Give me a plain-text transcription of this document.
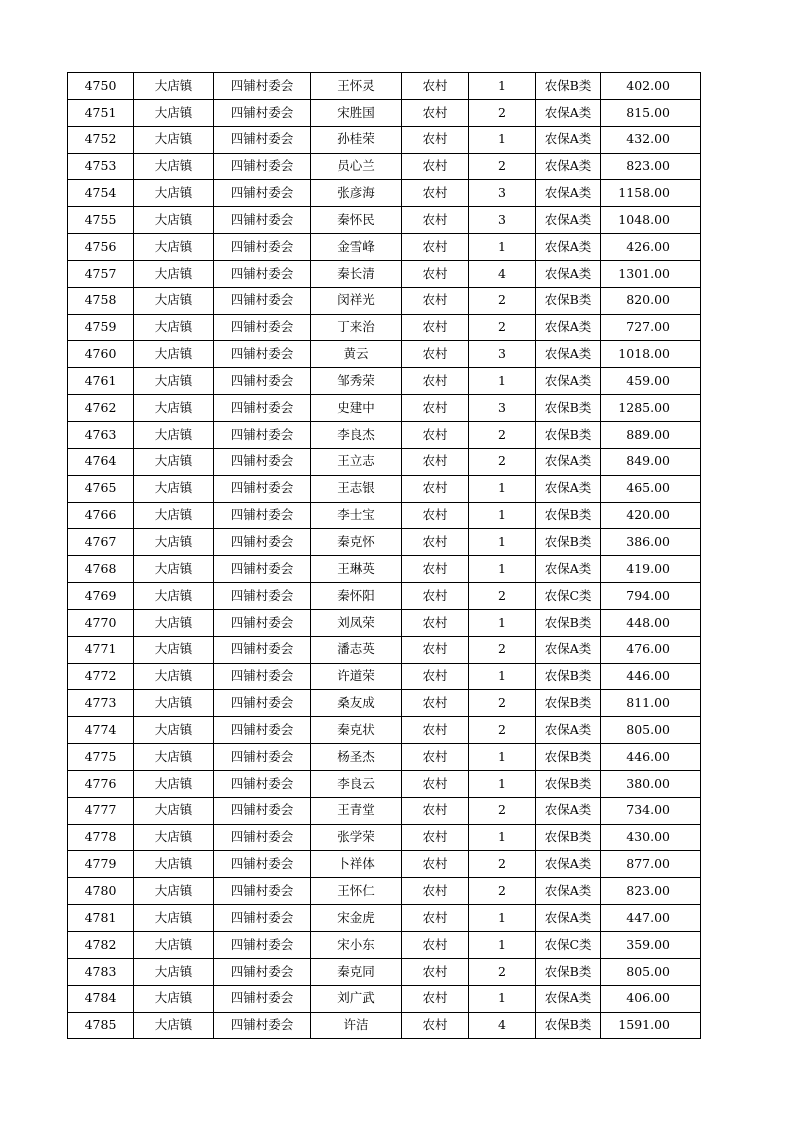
4750	大店镇	四铺村委会	王怀灵	农村	1	农保B类	402.00
4751	大店镇	四铺村委会	宋胜国	农村	2	农保A类	815.00
4752	大店镇	四铺村委会	孙桂荣	农村	1	农保A类	432.00
4753	大店镇	四铺村委会	员心兰	农村	2	农保A类	823.00
4754	大店镇	四铺村委会	张彦海	农村	3	农保A类	1158.00
4755	大店镇	四铺村委会	秦怀民	农村	3	农保A类	1048.00
4756	大店镇	四铺村委会	金雪峰	农村	1	农保A类	426.00
4757	大店镇	四铺村委会	秦长清	农村	4	农保A类	1301.00
4758	大店镇	四铺村委会	闵祥光	农村	2	农保B类	820.00
4759	大店镇	四铺村委会	丁来治	农村	2	农保A类	727.00
4760	大店镇	四铺村委会	黄云	农村	3	农保A类	1018.00
4761	大店镇	四铺村委会	邹秀荣	农村	1	农保A类	459.00
4762	大店镇	四铺村委会	史建中	农村	3	农保B类	1285.00
4763	大店镇	四铺村委会	李良杰	农村	2	农保B类	889.00
4764	大店镇	四铺村委会	王立志	农村	2	农保A类	849.00
4765	大店镇	四铺村委会	王志银	农村	1	农保A类	465.00
4766	大店镇	四铺村委会	李士宝	农村	1	农保B类	420.00
4767	大店镇	四铺村委会	秦克怀	农村	1	农保B类	386.00
4768	大店镇	四铺村委会	王琳英	农村	1	农保A类	419.00
4769	大店镇	四铺村委会	秦怀阳	农村	2	农保C类	794.00
4770	大店镇	四铺村委会	刘凤荣	农村	1	农保B类	448.00
4771	大店镇	四铺村委会	潘志英	农村	2	农保A类	476.00
4772	大店镇	四铺村委会	许道荣	农村	1	农保B类	446.00
4773	大店镇	四铺村委会	桑友成	农村	2	农保B类	811.00
4774	大店镇	四铺村委会	秦克状	农村	2	农保A类	805.00
4775	大店镇	四铺村委会	杨圣杰	农村	1	农保B类	446.00
4776	大店镇	四铺村委会	李良云	农村	1	农保B类	380.00
4777	大店镇	四铺村委会	王青堂	农村	2	农保A类	734.00
4778	大店镇	四铺村委会	张学荣	农村	1	农保B类	430.00
4779	大店镇	四铺村委会	卜祥体	农村	2	农保A类	877.00
4780	大店镇	四铺村委会	王怀仁	农村	2	农保A类	823.00
4781	大店镇	四铺村委会	宋金虎	农村	1	农保A类	447.00
4782	大店镇	四铺村委会	宋小东	农村	1	农保C类	359.00
4783	大店镇	四铺村委会	秦克同	农村	2	农保B类	805.00
4784	大店镇	四铺村委会	刘广武	农村	1	农保A类	406.00
4785	大店镇	四铺村委会	许洁	农村	4	农保B类	1591.00
